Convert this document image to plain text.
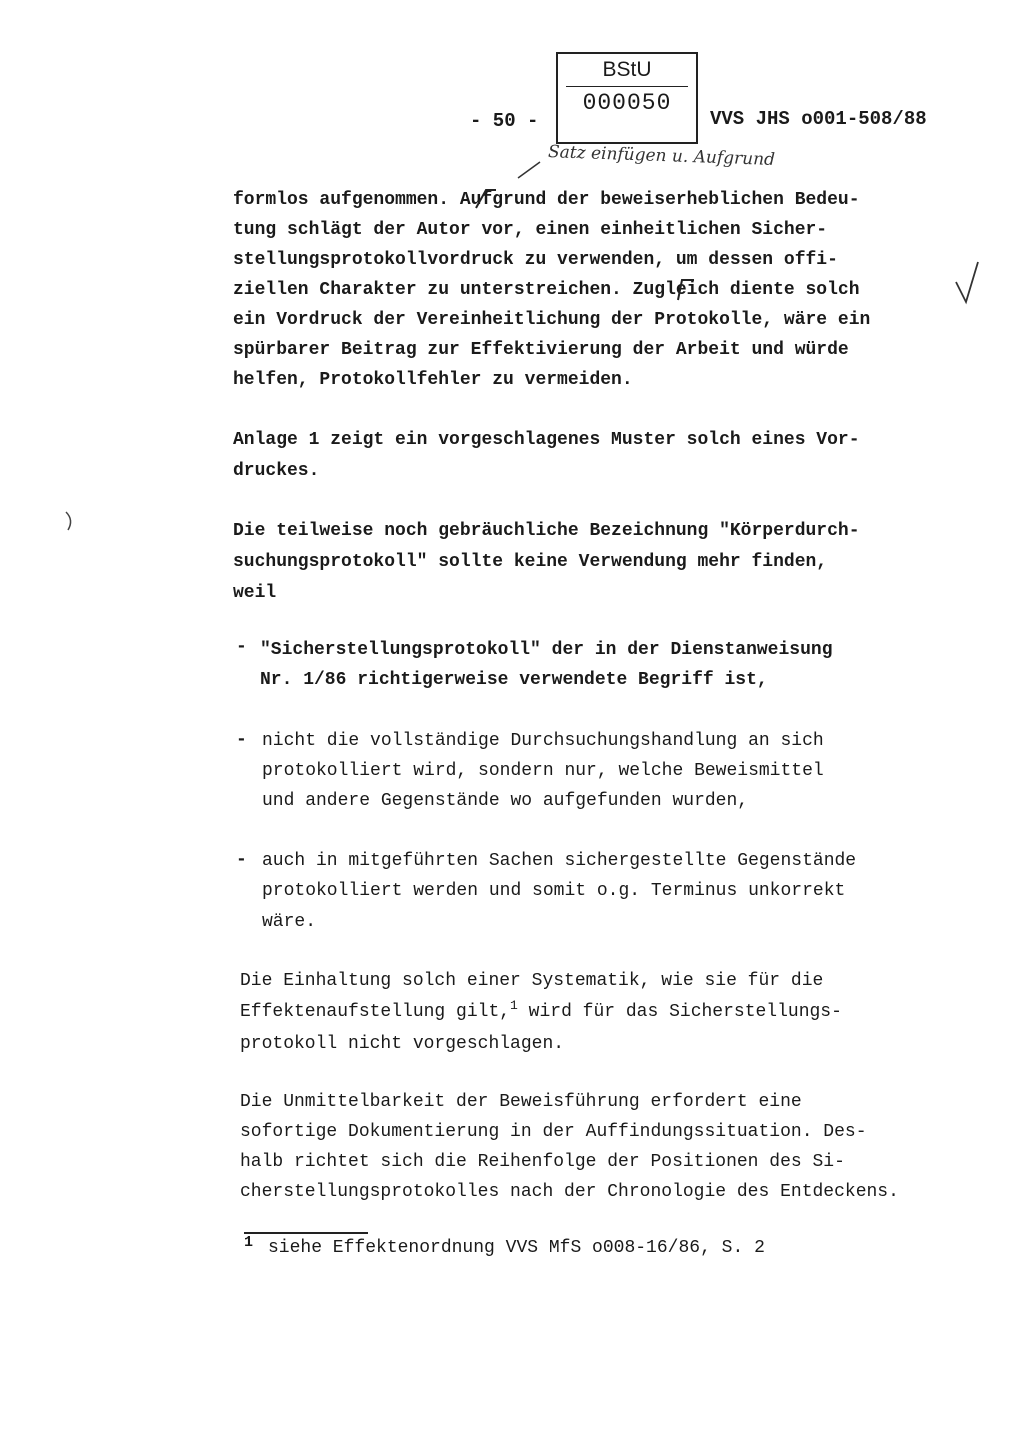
BStU
000050
- 50 -	VVS JHS o001-508/88
Satz einfügen u. Aufgrund
formlos aufgenommen. Aufgrund der beweiserheblichen Bedeu-
tung schlägt der Autor vor, einen einheitlichen Sicher-
stellungsprotokollvordruck zu verwenden, um dessen offi-
ziellen Charakter zu unterstreichen. Zugleich diente solch
ein Vordruck der Vereinheitlichung der Protokolle, wäre ein
spürbarer Beitrag zur Effektivierung der Arbeit und würde
helfen, Protokollfehler zu vermeiden.
Anlage 1 zeigt ein vorgeschlagenes Muster solch eines Vor-
druckes.
Die teilweise noch gebräuchliche Bezeichnung "Körperdurch-
suchungsprotokoll" sollte keine Verwendung mehr finden,
weil
- "Sicherstellungsprotokoll" der in der Dienstanweisung
Nr. 1/86 richtigerweise verwendete Begriff ist,
- nicht die vollständige Durchsuchungshandlung an sich
protokolliert wird, sondern nur, welche Beweismittel
und andere Gegenstände wo aufgefunden wurden,
- auch in mitgeführten Sachen sichergestellte Gegenstände
protokolliert werden und somit o.g. Terminus unkorrekt
wäre.
Die Einhaltung solch einer Systematik, wie sie für die
Effektenaufstellung gilt,$^1$ wird für das Sicherstellungs-
protokoll nicht vorgeschlagen.
Die Unmittelbarkeit der Beweisführung erfordert eine
sofortige Dokumentierung in der Auffindungssituation. Des-
halb richtet sich die Reihenfolge der Positionen des Si-
cherstellungsprotokolles nach der Chronologie des Entdeckens.
1 siehe Effektenordnung VVS MfS o008-16/86, S. 2
